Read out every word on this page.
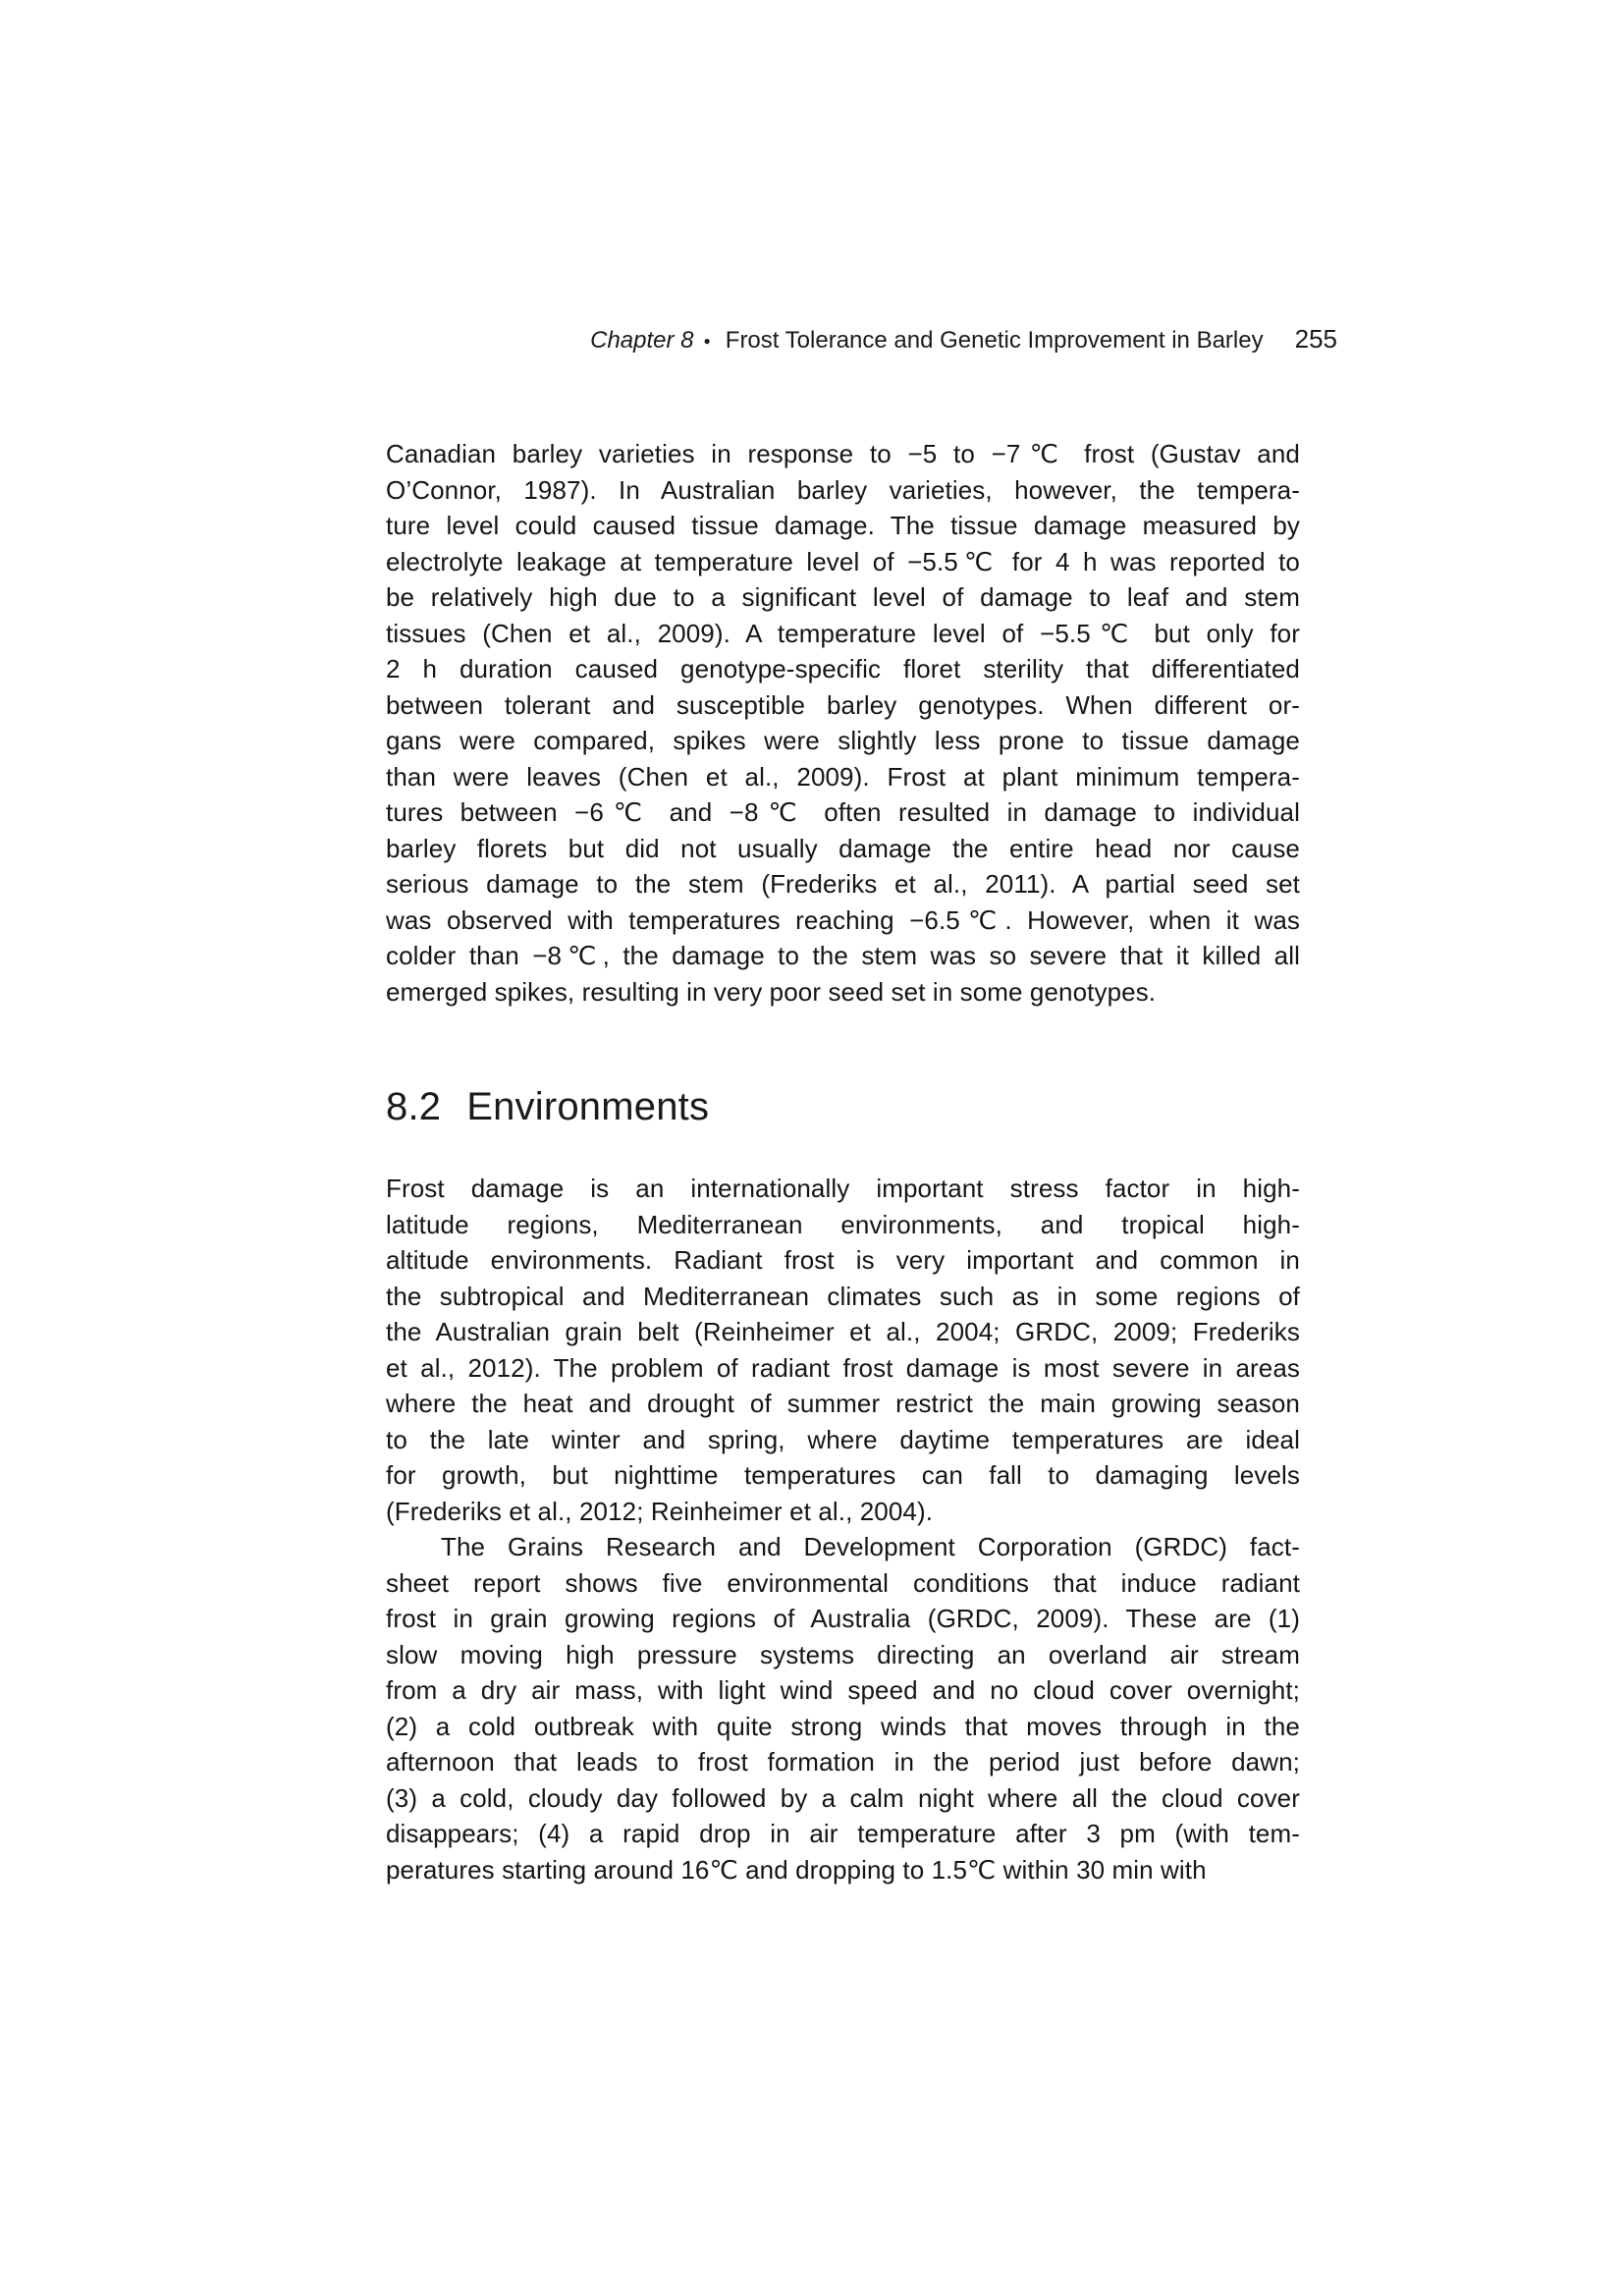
Chapter 8 ● Frost Tolerance and Genetic Improvement in Barley 255
Canadian barley varieties in response to −5 to −7℃ frost (Gustav and
O’Connor, 1987). In Australian barley varieties, however, the tempera-
ture level could caused tissue damage. The tissue damage measured by
electrolyte leakage at temperature level of −5.5℃ for 4 h was reported to
be relatively high due to a significant level of damage to leaf and stem
tissues (Chen et al., 2009). A temperature level of −5.5℃ but only for
2 h duration caused genotype-specific floret sterility that differentiated
between tolerant and susceptible barley genotypes. When different or-
gans were compared, spikes were slightly less prone to tissue damage
than were leaves (Chen et al., 2009). Frost at plant minimum tempera-
tures between −6℃ and −8℃ often resulted in damage to individual
barley florets but did not usually damage the entire head nor cause
serious damage to the stem (Frederiks et al., 2011). A partial seed set
was observed with temperatures reaching −6.5℃. However, when it was
colder than −8℃, the damage to the stem was so severe that it killed all
emerged spikes, resulting in very poor seed set in some genotypes.
8.2 Environments
Frost damage is an internationally important stress factor in high-
latitude regions, Mediterranean environments, and tropical high-
altitude environments. Radiant frost is very important and common in
the subtropical and Mediterranean climates such as in some regions of
the Australian grain belt (Reinheimer et al., 2004; GRDC, 2009; Frederiks
et al., 2012). The problem of radiant frost damage is most severe in areas
where the heat and drought of summer restrict the main growing season
to the late winter and spring, where daytime temperatures are ideal
for growth, but nighttime temperatures can fall to damaging levels
(Frederiks et al., 2012; Reinheimer et al., 2004).
The Grains Research and Development Corporation (GRDC) fact-
sheet report shows five environmental conditions that induce radiant
frost in grain growing regions of Australia (GRDC, 2009). These are (1)
slow moving high pressure systems directing an overland air stream
from a dry air mass, with light wind speed and no cloud cover overnight;
(2) a cold outbreak with quite strong winds that moves through in the
afternoon that leads to frost formation in the period just before dawn;
(3) a cold, cloudy day followed by a calm night where all the cloud cover
disappears; (4) a rapid drop in air temperature after 3 pm (with tem-
peratures starting around 16℃ and dropping to 1.5℃ within 30 min with
